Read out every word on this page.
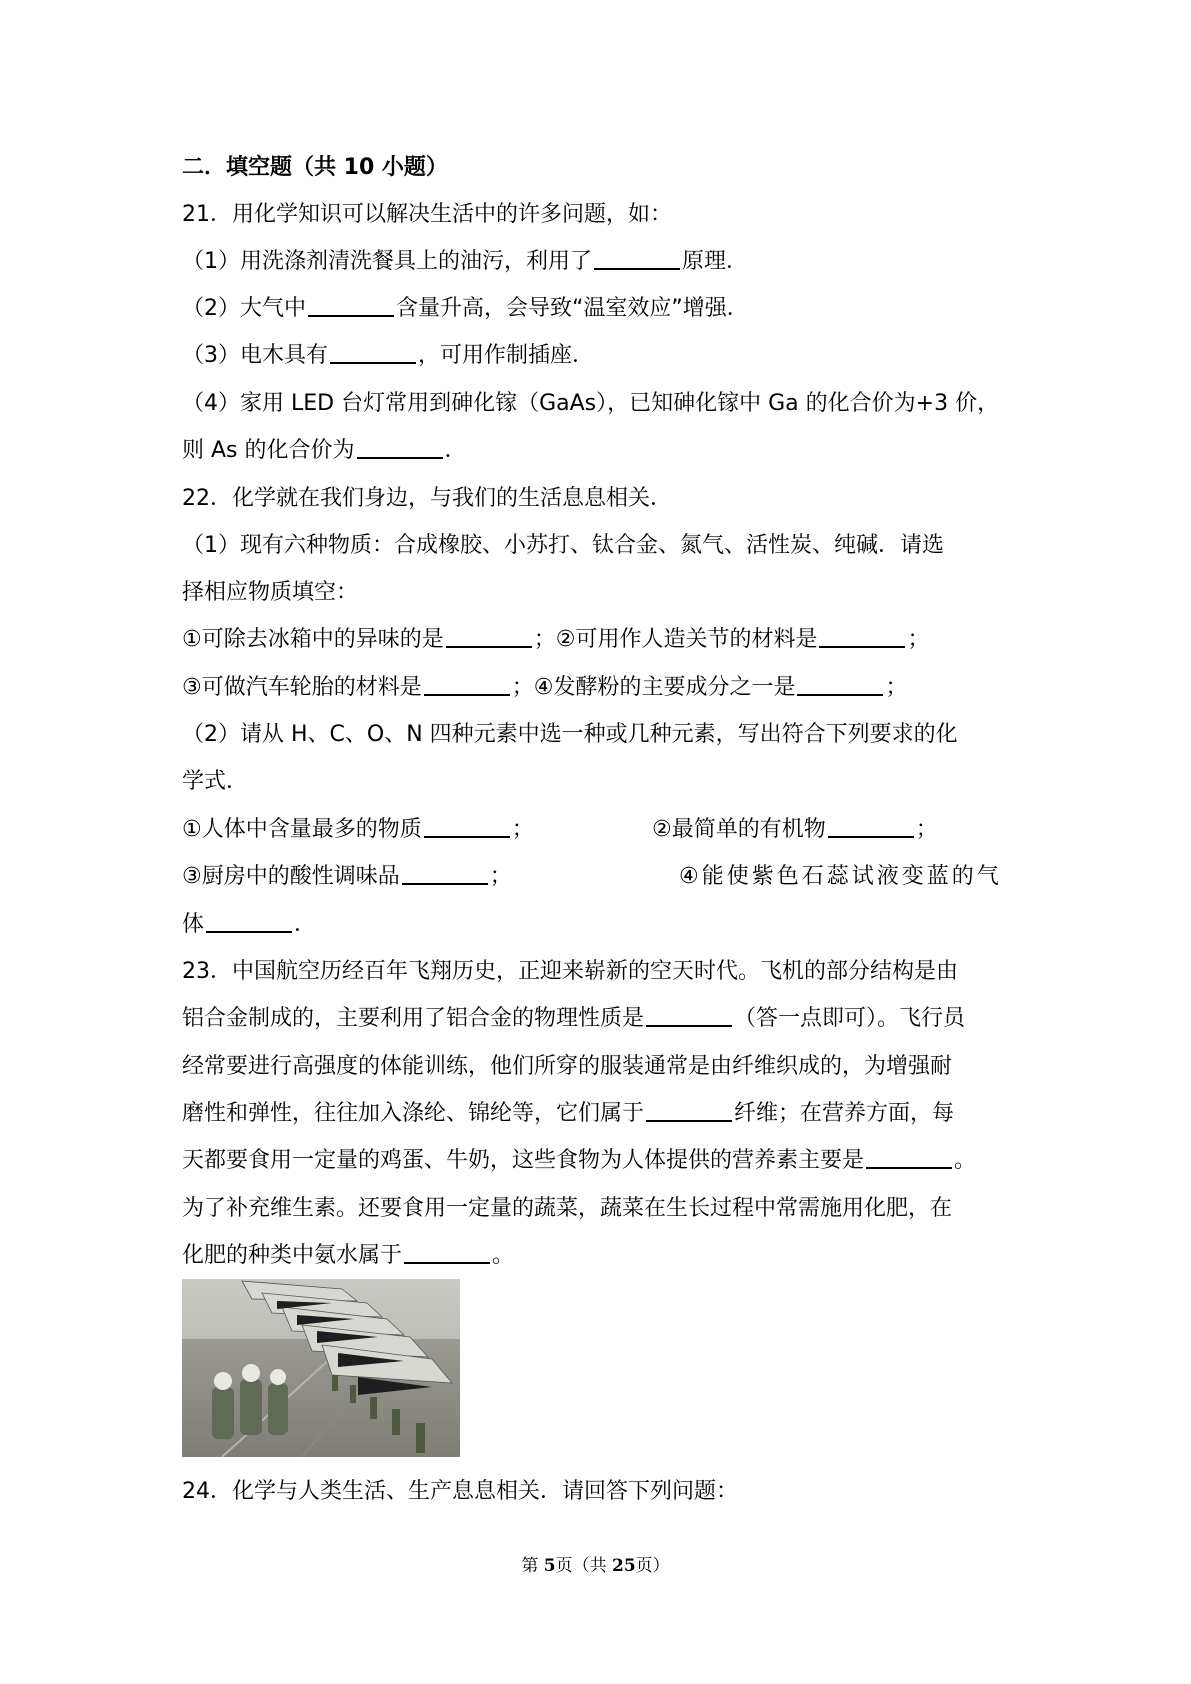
二．填空题（共 10 小题）
21．用化学知识可以解决生活中的许多问题，如：
（1）用洗涤剂清洗餐具上的油污，利用了	原理．
（2）大气中	含量升高，会导致“温室效应”增强．
（3）电木具有	，可用作制插座．
（4）家用 LED 台灯常用到砷化镓（GaAs），已知砷化镓中 Ga 的化合价为+3 价，
则 As 的化合价为	．
22．化学就在我们身边，与我们的生活息息相关．
（1）现有六种物质：合成橡胶、小苏打、钛合金、氮气、活性炭、纯碱．请选
择相应物质填空：
①可除去冰箱中的异味的是	；②可用作人造关节的材料是	；
③可做汽车轮胎的材料是	；④发酵粉的主要成分之一是	；
（2）请从 H、C、O、N 四种元素中选一种或几种元素，写出符合下列要求的化
学式．
①人体中含量最多的物质	；	②最简单的有机物	；
③厨房中的酸性调味品	；	④能使紫色石蕊试液变蓝的气
体	．
23．中国航空历经百年飞翔历史，正迎来崭新的空天时代。飞机的部分结构是由
铝合金制成的，主要利用了铝合金的物理性质是	（答一点即可）。飞行员
经常要进行高强度的体能训练，他们所穿的服装通常是由纤维织成的，为增强耐
磨性和弹性，往往加入涤纶、锦纶等，它们属于	纤维；在营养方面，每
天都要食用一定量的鸡蛋、牛奶，这些食物为人体提供的营养素主要是	。
为了补充维生素。还要食用一定量的蔬菜，蔬菜在生长过程中常需施用化肥，在
化肥的种类中氨水属于	。
24．化学与人类生活、生产息息相关．请回答下列问题：
第 5页（共 25页）
